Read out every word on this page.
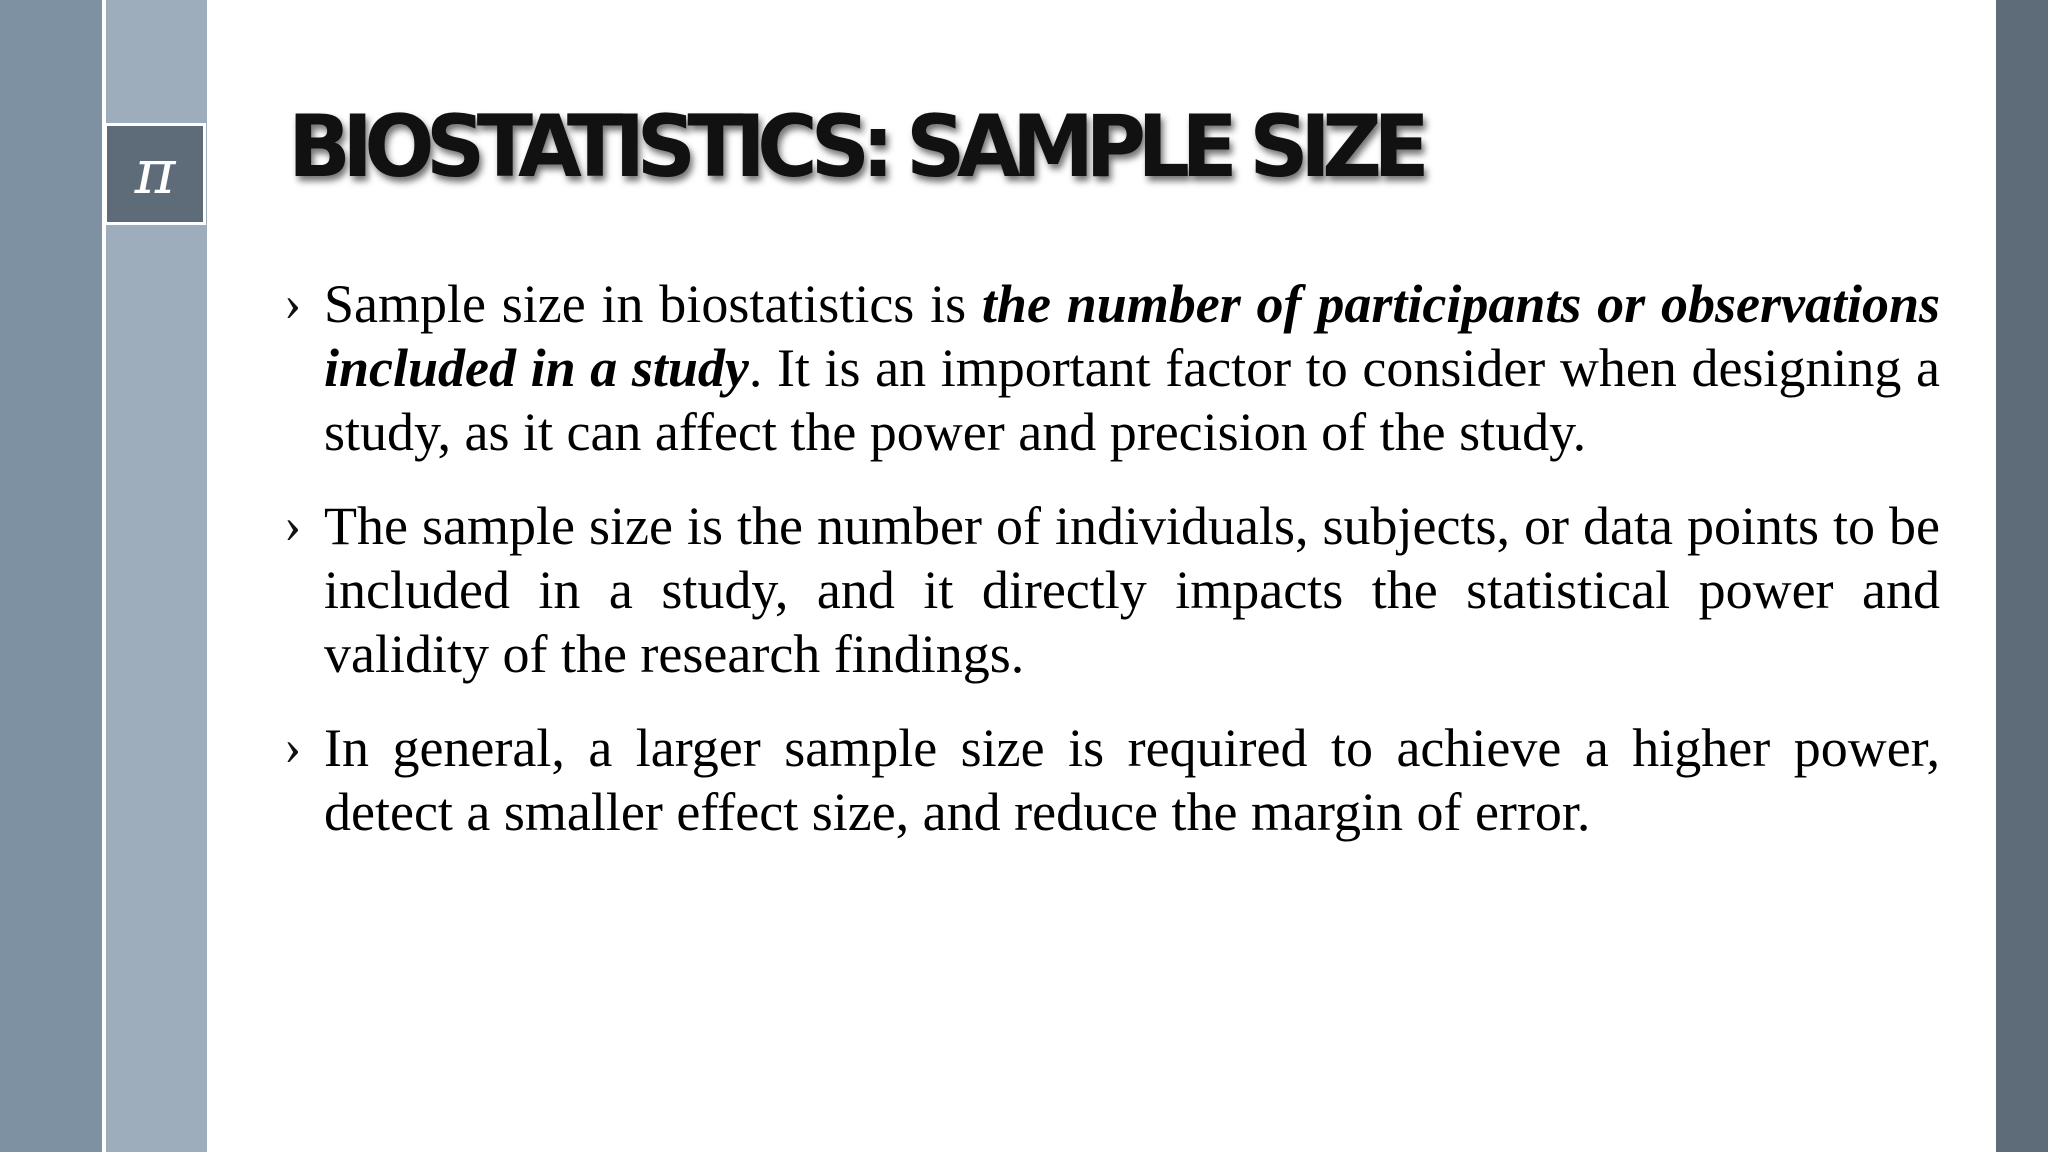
π BIOSTATISTICS: SAMPLE SIZE
› Sample size in biostatistics is the number of participants or observations included in a study. It is an important factor to consider when designing a study, as it can affect the power and precision of the study.
› The sample size is the number of individuals, subjects, or data points to be included in a study, and it directly impacts the statistical power and validity of the research findings.
› In general, a larger sample size is required to achieve a higher power, detect a smaller effect size, and reduce the margin of error.
